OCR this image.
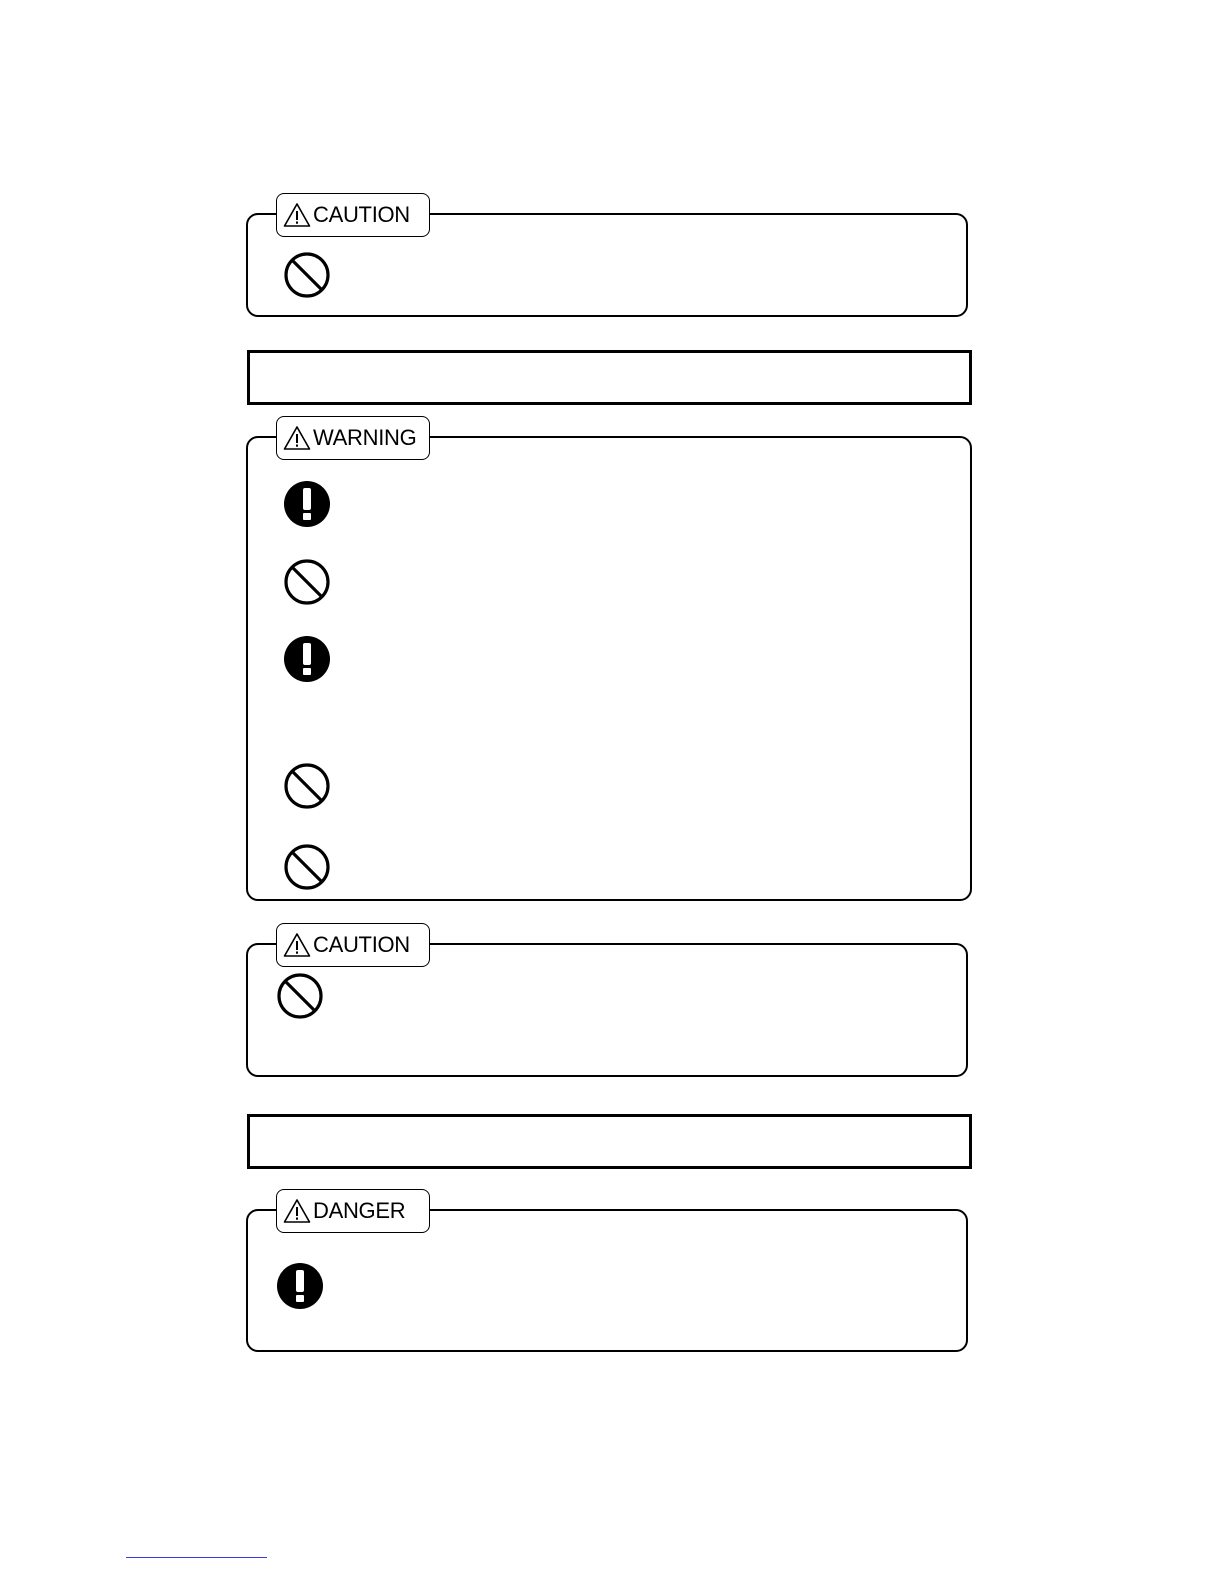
CAUTION
WARNING
CAUTION
DANGER
